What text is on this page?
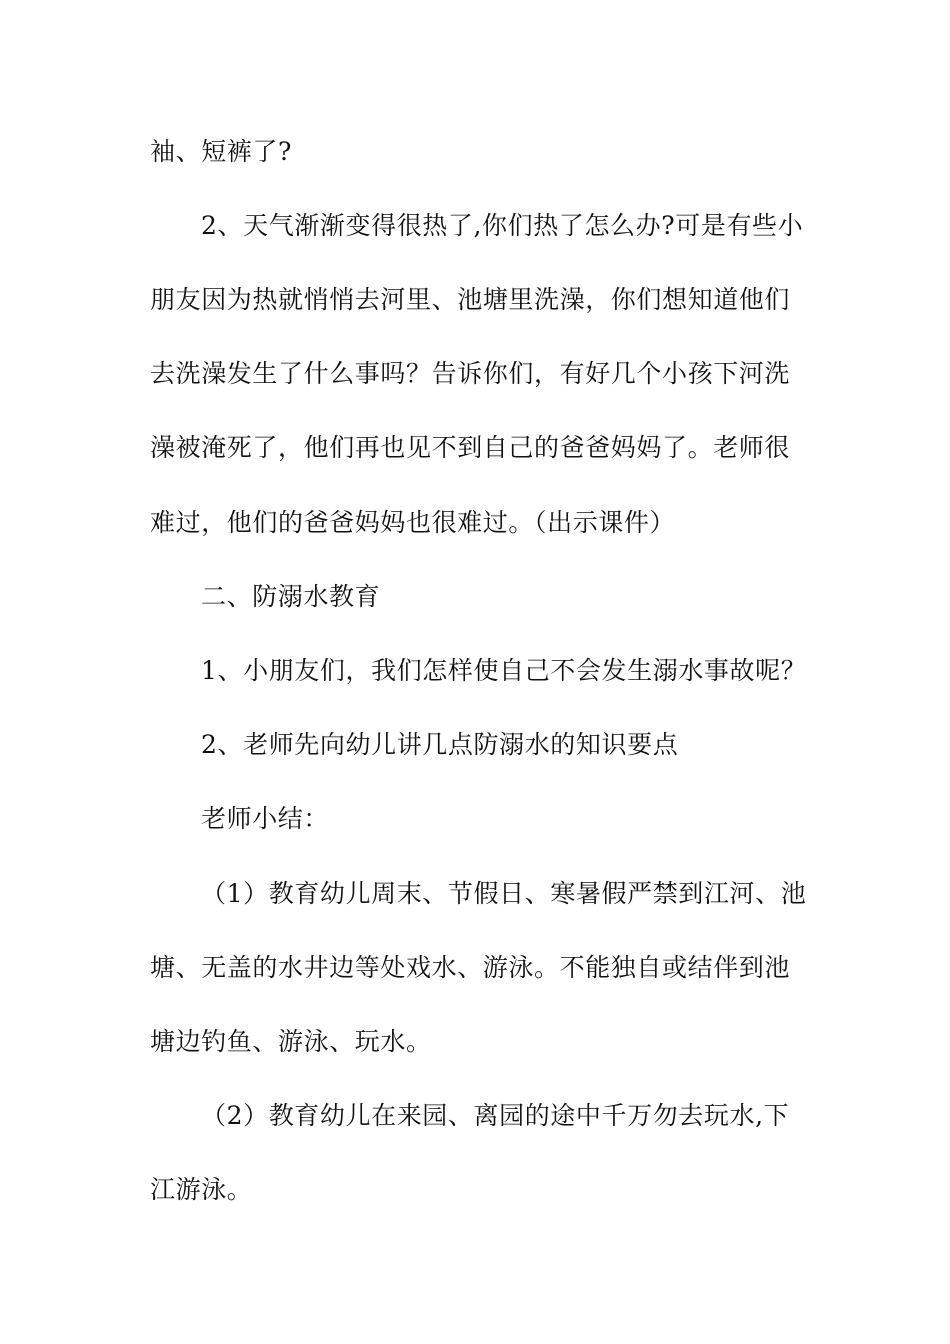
袖、短裤了?
2、天气渐渐变得很热了,你们热了怎么办?可是有些小
朋友因为热就悄悄去河里、池塘里洗澡，你们想知道他们
去洗澡发生了什么事吗？告诉你们，有好几个小孩下河洗
澡被淹死了，他们再也见不到自己的爸爸妈妈了。老师很
难过，他们的爸爸妈妈也很难过。（出示课件）
二、防溺水教育
1、小朋友们，我们怎样使自己不会发生溺水事故呢？
2、老师先向幼儿讲几点防溺水的知识要点
老师小结：
（1）教育幼儿周末、节假日、寒暑假严禁到江河、池
塘、无盖的水井边等处戏水、游泳。不能独自或结伴到池
塘边钓鱼、游泳、玩水。
（2）教育幼儿在来园、离园的途中千万勿去玩水,下
江游泳。
